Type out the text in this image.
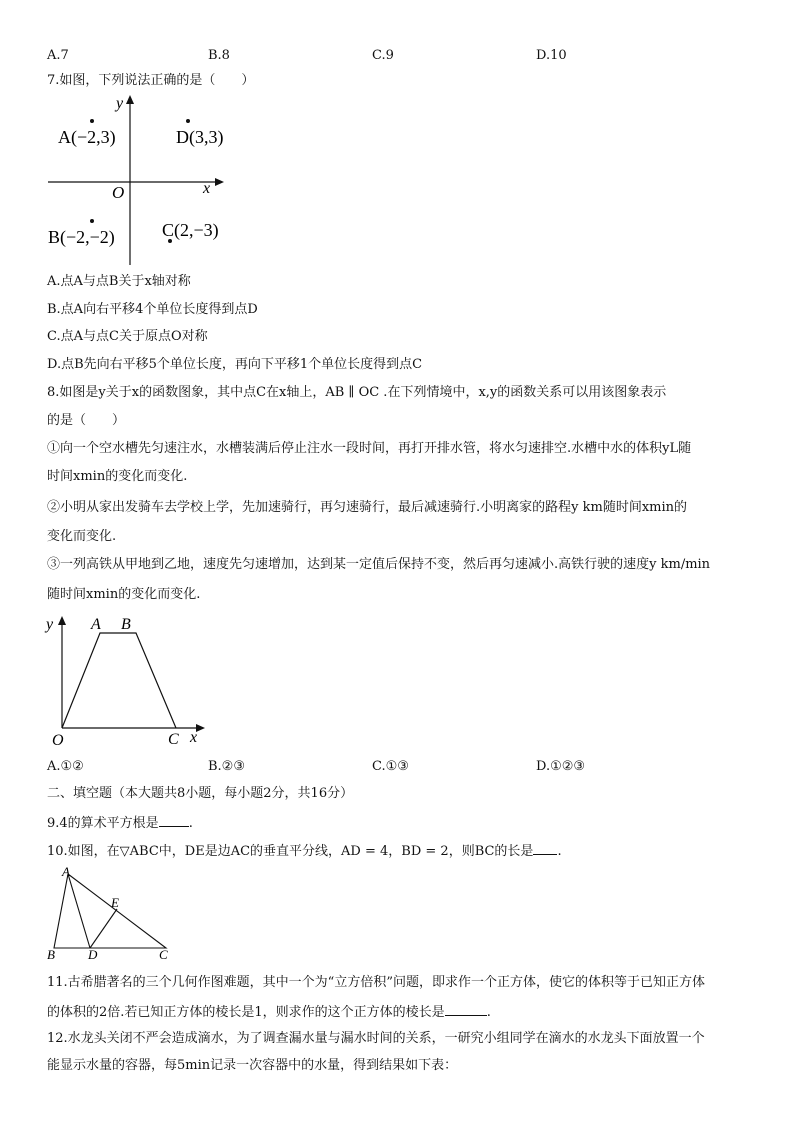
A.7	B.8	C.9	D.10
7.如图，下列说法正确的是（　　）
y
x
O
A(−2,3)	D(3,3)
B(−2,−2)	C(2,−3)
A.点A与点B关于x轴对称
B.点A向右平移4个单位长度得到点D
C.点A与点C关于原点O对称
D.点B先向右平移5个单位长度，再向下平移1个单位长度得到点C
8.如图是y关于x的函数图象，其中点C在x轴上，AB ∥ OC .在下列情境中，x,y的函数关系可以用该图象表示
的是（　　）
①向一个空水槽先匀速注水，水槽装满后停止注水一段时间，再打开排水管，将水匀速排空.水槽中水的体积yL随
时间xmin的变化而变化.
②小明从家出发骑车去学校上学，先加速骑行，再匀速骑行，最后减速骑行.小明离家的路程y km随时间xmin的
变化而变化.
③一列高铁从甲地到乙地，速度先匀速增加，达到某一定值后保持不变，然后再匀速减小.高铁行驶的速度y km/min
随时间xmin的变化而变化.
y
x
O
A B
C
A.①②	B.②③	C.①③	D.①②③
二、填空题（本大题共8小题，每小题2分，共16分）
9.4的算术平方根是 .
10.如图，在▽ABC中，DE是边AC的垂直平分线，AD = 4，BD = 2，则BC的长是 .
A
B	D	C
E
11.古希腊著名的三个几何作图难题，其中一个为“立方倍积”问题，即求作一个正方体，使它的体积等于已知正方体
的体积的2倍.若已知正方体的棱长是1，则求作的这个正方体的棱长是	.
12.水龙头关闭不严会造成滴水，为了调查漏水量与漏水时间的关系，一研究小组同学在滴水的水龙头下面放置一个
能显示水量的容器，每5min记录一次容器中的水量，得到结果如下表：
